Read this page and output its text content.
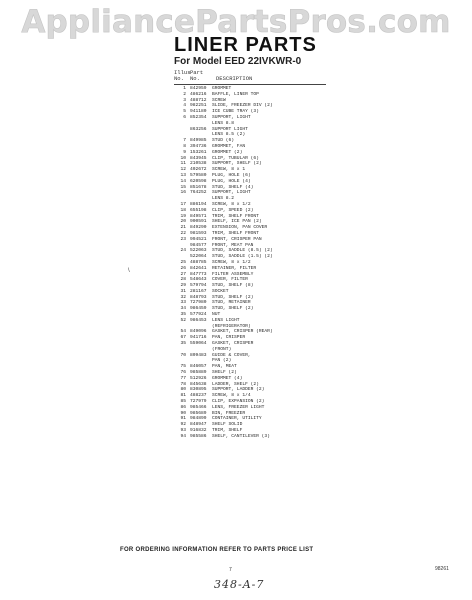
AppliancePartsPros.com
LINER PARTS
For Model EED 22IVKWR-0
IllusPart
No. No.	DESCRIPTION
1 842959	GROMMET
2 486216	BAFFLE, LINER TOP
3 488712	SCREW
4 982251	SLIDE, FREEZER DIV (2)
5 941180	ICE CUBE TRAY (3)
6 852354	SUPPORT, LIGHT
LENS 8.8
863256	SUPPORT LIGHT
LENS 8.5 (2)
7 849985	STUD (6)
8 394736	GROMMET, FAN
9 153261	GROMMET (2)
10 843945	CLIP, TUBULAR (6)
11 210538	SUPPORT, SHELF (2)
12 402672	SCREW, 8 x 1
13 579580	PLUG, HOLE (6)
14 620598	PLUG, HOLE (4)
15 851678	STUD, SHELF (4)
16 764252	SUPPORT, LIGHT
LENS 8.2
17 886194	SCREW, 8 x 1/2
18 655198	CLIP, SPEED (2)
19 849571	TRIM, SHELF FRONT
20 900591	SHELF, ICE PAN (2)
21 849290	EXTENSION, PAN COVER
22 981593	TRIM, SHELF FRONT
23 994521	FRONT, CRISPER PAN
984577	FRONT, MEAT PAN
24 522063	STUD, SADDLE (8.5) (2)
522064	STUD, SADDLE (1.5) (2)
25 488785	SCREW, 8 x 1/2
26 842641	RETAINER, FILTER
27 847773	FILTER ASSEMBLY
28 548643	COVER, FILTER
29 579794	STUD, SHELF (8)
31 281167	SOCKET
32 848793	STUD, SHELF (2)
33 727980	STUD, RETAINER
34 986459	STUD, SHELF (2)
35 577924	NUT
52 986453	LENS LIGHT
(REFRIGERATOR)
54 849096	GASKET, CRISPER (REAR)
67 941716	PAN, CRISPER
35 559064	GASKET, CRISPER
(FRONT)
70 809483	GUIDE & COVER,
PAN (2)
75 846057	PAN, MEAT
76 985889	SHELF (2)
77 512926	GROMMET (4)
78 845638	LADDER, SHELF (2)
80 830895	SUPPORT, LADDER (2)
81 488237	SCREW, 8 x 1/4
85 727979	CLIP, EXPANSION (2)
86 985466	LENS, FREEZER LIGHT
90 985689	BIN, FREEZER
91 984899	CONTAINER, UTILITY
92 848947	SHELF SOLID
93 916832	TRIM, SHELF
94 985586	SHELF, CANTILEVER (3)
\
FOR ORDERING INFORMATION REFER TO PARTS PRICE LIST
7	98261
348-A-7
